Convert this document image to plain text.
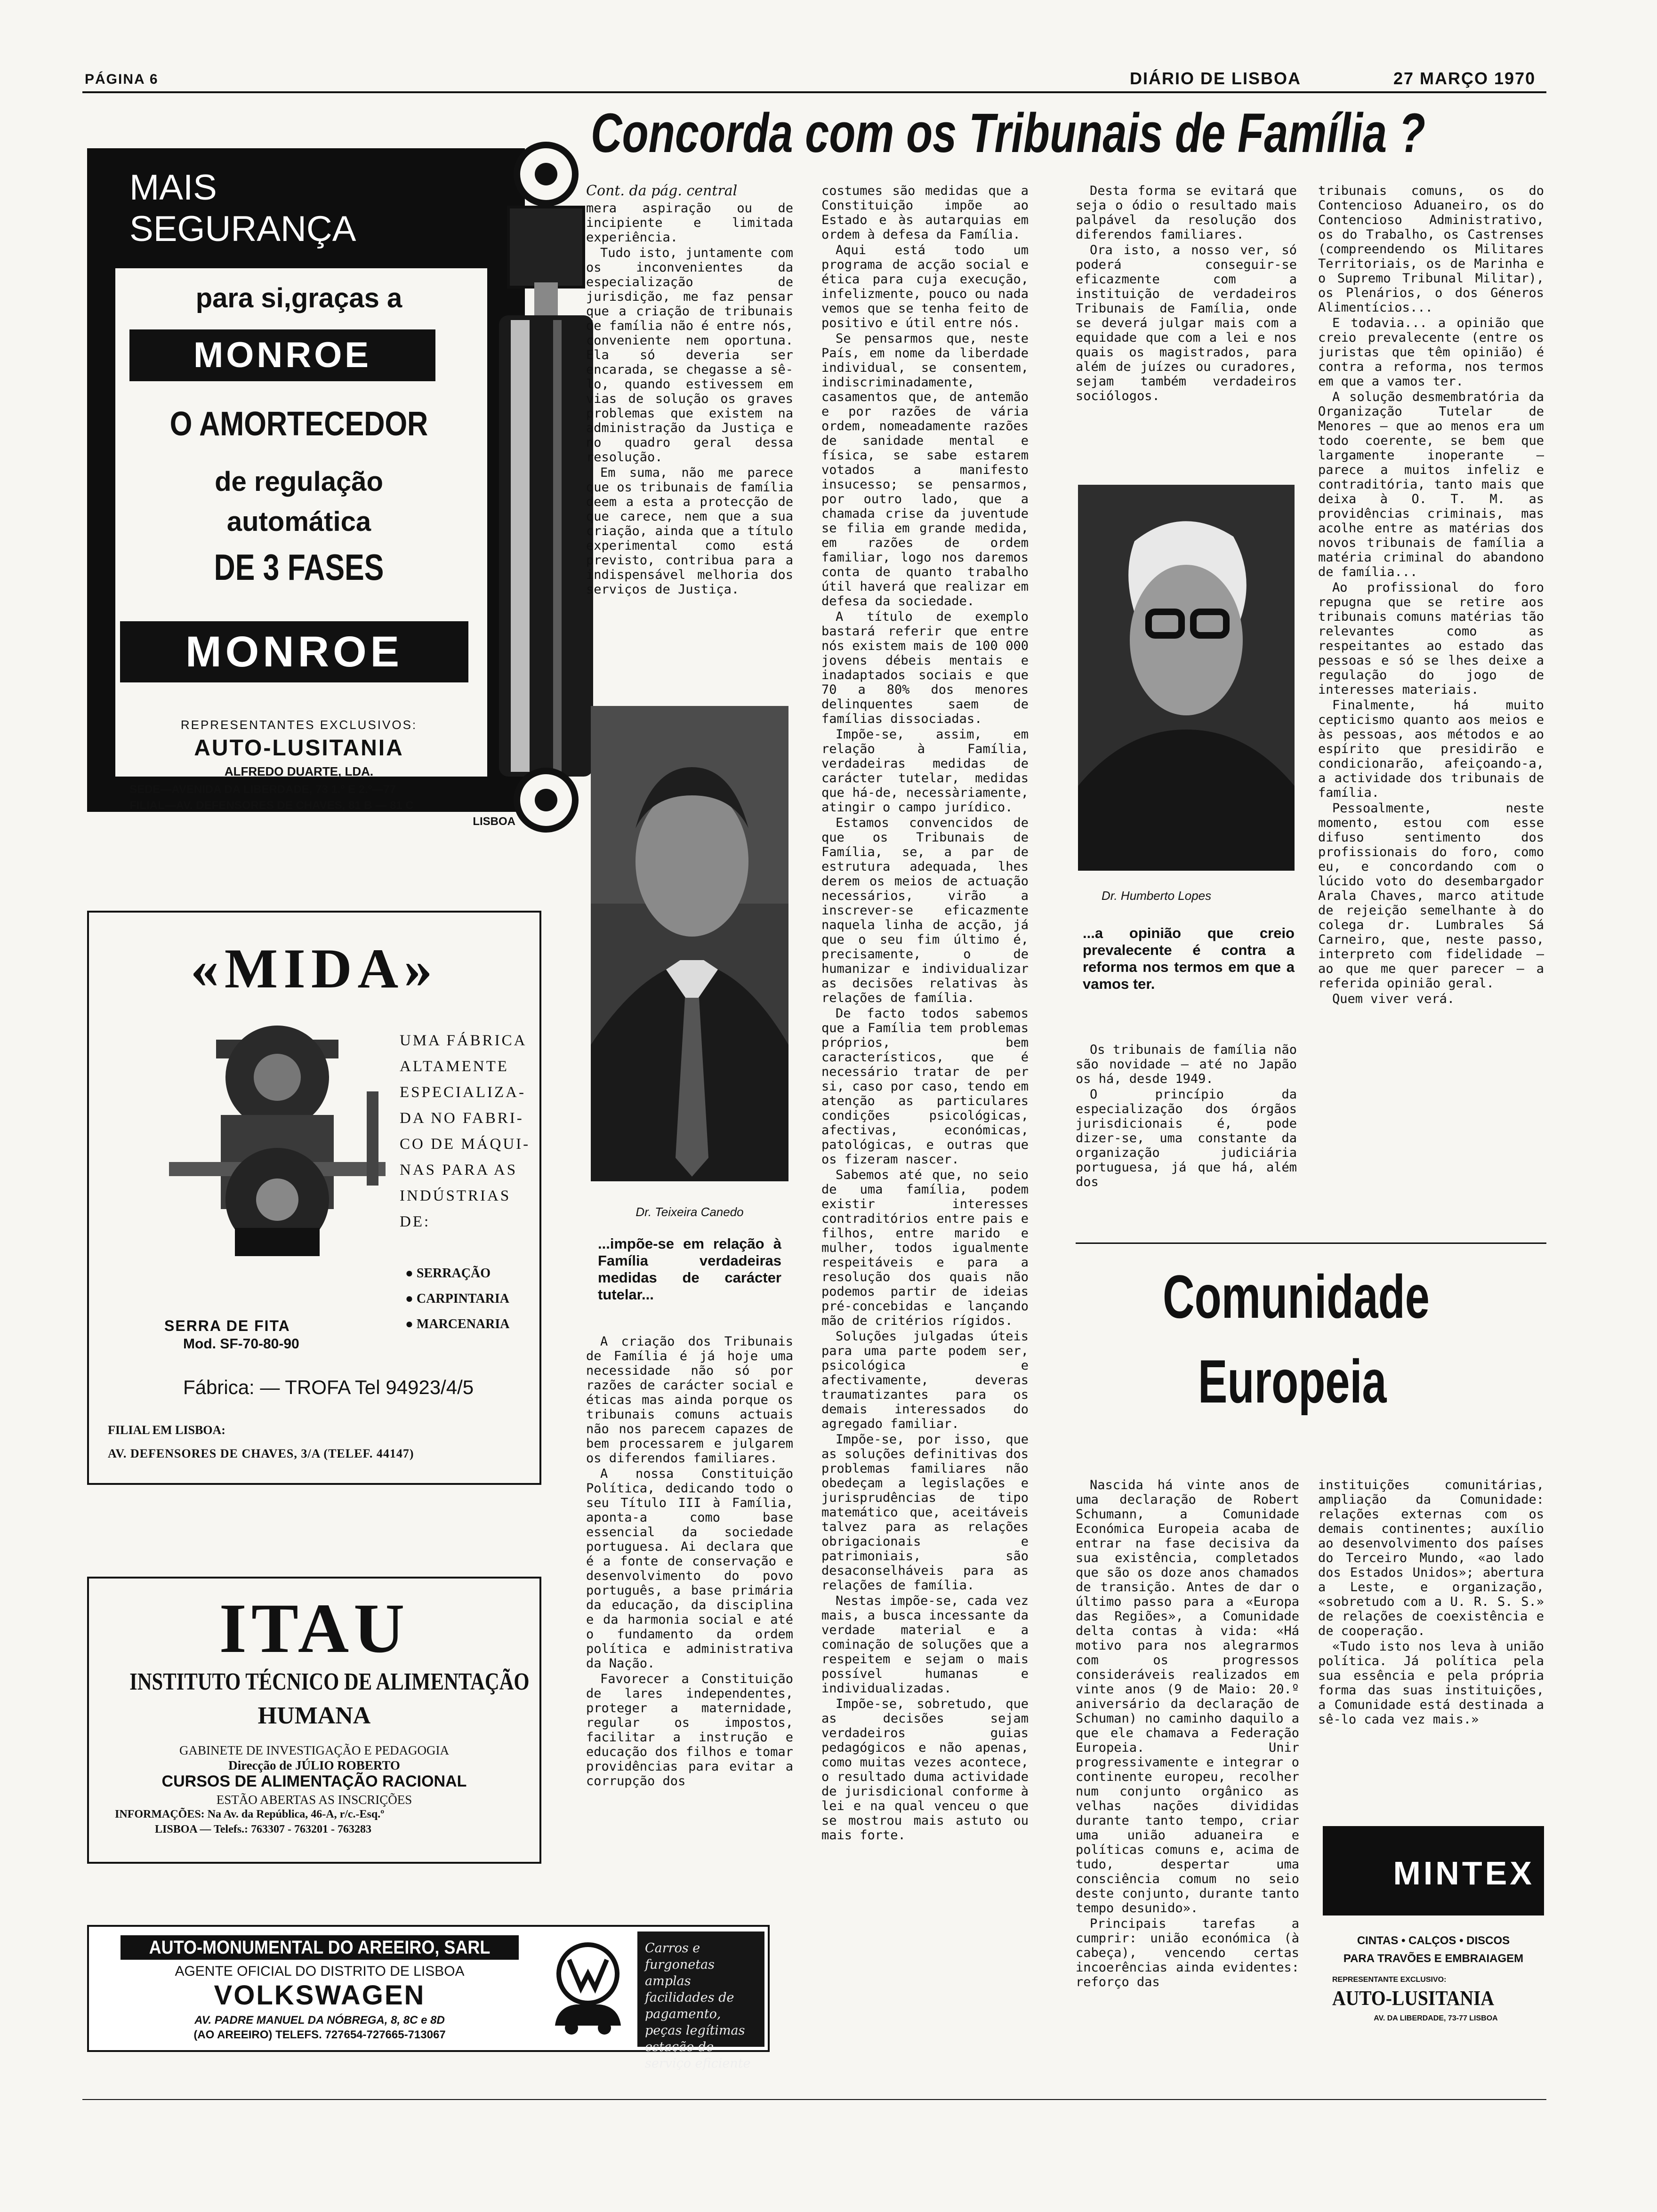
PÁGINA 6	DIÁRIO DE LISBOA	27 MARÇO 1970
MAIS
SEGURANÇA
para si,graças a
MONROE
O AMORTECEDOR
de regulação
automática
DE 3 FASES
MONROE
REPRESENTANTES EXCLUSIVOS:
AUTO-LUSITANIA
ALFREDO DUARTE, LDA.
SEDE—AVENIDA DA LIBERDADE, 73 1.º E 2.º—77
FILIAL—AV. DEFENSORES DE CHAVES, 81 B — 81 C
LISBOA
«MIDA»
UMA FÁBRICA
ALTAMENTE
ESPECIALIZA-
DA NO FABRI-
CO DE MÁQUI-
NAS PARA AS
INDÚSTRIAS
DE:
● SERRAÇÃO
● CARPINTARIA
● MARCENARIA
SERRA DE FITA
Mod. SF-70-80-90
Fábrica: — TROFA Tel 94923/4/5
FILIAL EM LISBOA:
AV. DEFENSORES DE CHAVES, 3/A (TELEF. 44147)
ITAU
INSTITUTO TÉCNICO DE ALIMENTAÇÃO
HUMANA
GABINETE DE INVESTIGAÇÃO E PEDAGOGIA
Direcção de JÚLIO ROBERTO
CURSOS DE ALIMENTAÇÃO RACIONAL
ESTÃO ABERTAS AS INSCRIÇÕES
INFORMAÇÕES: Na Av. da República, 46-A, r/c.-Esq.º
LISBOA — Telefs.: 763307 - 763201 - 763283
AUTO-MONUMENTAL DO AREEIRO, SARL
AGENTE OFICIAL DO DISTRITO DE LISBOA
VOLKSWAGEN
AV. PADRE MANUEL DA NÓBREGA, 8, 8C e 8D
(AO AREEIRO) TELEFS. 727654-727665-713067
Carros e furgonetas amplas facilidades de pagamento, peças legítimas estação de serviço eficiente
Concorda com os Tribunais de Família ?
Cont. da pág. central

mera aspiração ou de incipiente e limitada experiência.

Tudo isto, juntamente com os inconvenientes da especialização de jurisdição, me faz pensar que a criação de tribunais de família não é entre nós, conveniente nem oportuna. Ela só deveria ser encarada, se chegasse a sê-lo, quando estivessem em vias de solução os graves problemas que existem na administração da Justiça e no quadro geral dessa resolução.

Em suma, não me parece que os tribunais de família deem a esta a protecção de que carece, nem que a sua criação, ainda que a título experimental como está previsto, contribua para a indispensável melhoria dos serviços de Justiça.

Dr. Teixeira Canedo
...impõe-se em relação à Família verdadeiras medidas de carácter tutelar...

A criação dos Tribunais de Família é já hoje uma necessidade não só por razões de carácter social e éticas mas ainda porque os tribunais comuns actuais não nos parecem capazes de bem processarem e julgarem os diferendos familiares.

A nossa Constituição Política, dedicando todo o seu Título III à Família, aponta-a como base essencial da sociedade portuguesa. Ai declara que é a fonte de conservação e desenvolvimento do povo português, a base primária da educação, da disciplina e da harmonia social e até o fundamento da ordem política e administrativa da Nação.

Favorecer a Constituição de lares independentes, proteger a maternidade, regular os impostos, facilitar a instrução e educação dos filhos e tomar providências para evitar a corrupção dos

costumes são medidas que a Constituição impõe ao Estado e às autarquias em ordem à defesa da Família.

Aqui está todo um programa de acção social e ética para cuja execução, infelizmente, pouco ou nada vemos que se tenha feito de positivo e útil entre nós.

Se pensarmos que, neste País, em nome da liberdade individual, se consentem, indiscriminadamente, casamentos que, de antemão e por razões de vária ordem, nomeadamente razões de sanidade mental e física, se sabe estarem votados a manifesto insucesso; se pensarmos, por outro lado, que a chamada crise da juventude se filia em grande medida, em razões de ordem familiar, logo nos daremos conta de quanto trabalho útil haverá que realizar em defesa da sociedade.

A título de exemplo bastará referir que entre nós existem mais de 100 000 jovens débeis mentais e inadaptados sociais e que 70 a 80% dos menores delinquentes saem de famílias dissociadas.

Impõe-se, assim, em relação à Família, verdadeiras medidas de carácter tutelar, medidas que há-de, necessàriamente, atingir o campo jurídico.

Estamos convencidos de que os Tribunais de Família, se, a par de estrutura adequada, lhes derem os meios de actuação necessários, virão a inscrever-se eficazmente naquela linha de acção, já que o seu fim último é, precisamente, o de humanizar e individualizar as decisões relativas às relações de família.

De facto todos sabemos que a Família tem problemas próprios, bem característicos, que é necessário tratar de per si, caso por caso, tendo em atenção as particulares condições psicológicas, afectivas, económicas, patológicas, e outras que os fizeram nascer.

Sabemos até que, no seio de uma família, podem existir interesses contraditórios entre pais e filhos, entre marido e mulher, todos igualmente respeitáveis e para a resolução dos quais não podemos partir de ideias pré-concebidas e lançando mão de critérios rígidos.

Soluções julgadas úteis para uma parte podem ser, psicológica e afectivamente, deveras traumatizantes para os demais interessados do agregado familiar.

Impõe-se, por isso, que as soluções definitivas dos problemas familiares não obedeçam a legislações e jurisprudências de tipo matemático que, aceitáveis talvez para as relações obrigacionais e patrimoniais, são desaconselháveis para as relações de família.

Nestas impõe-se, cada vez mais, a busca incessante da verdade material e a cominação de soluções que a respeitem e sejam o mais possível humanas e individualizadas.

Impõe-se, sobretudo, que as decisões sejam verdadeiros guias pedagógicos e não apenas, como muitas vezes acontece, o resultado duma actividade de jurisdicional conforme à lei e na qual venceu o que se mostrou mais astuto ou mais forte.

Desta forma se evitará que seja o ódio o resultado mais palpável da resolução dos diferendos familiares.

Ora isto, a nosso ver, só poderá conseguir-se eficazmente com a instituição de verdadeiros Tribunais de Família, onde se deverá julgar mais com a equidade que com a lei e nos quais os magistrados, para além de juízes ou curadores, sejam também verdadeiros sociólogos.

Dr. Humberto Lopes
...a opinião que creio prevalecente é contra a reforma nos termos em que a vamos ter.

Os tribunais de família não são novidade — até no Japão os há, desde 1949.

O princípio da especialização dos órgãos jurisdicionais é, pode dizer-se, uma constante da organização judiciária portuguesa, já que há, além dos

tribunais comuns, os do Contencioso Aduaneiro, os do Contencioso Administrativo, os do Trabalho, os Castrenses (compreendendo os Militares Territoriais, os de Marinha e o Supremo Tribunal Militar), os Plenários, o dos Géneros Alimentícios...

E todavia... a opinião que creio prevalecente (entre os juristas que têm opinião) é contra a reforma, nos termos em que a vamos ter.

A solução desmembratória da Organização Tutelar de Menores — que ao menos era um todo coerente, se bem que largamente inoperante — parece a muitos infeliz e contraditória, tanto mais que deixa à O. T. M. as providências criminais, mas acolhe entre as matérias dos novos tribunais de família a matéria criminal do abandono de família...

Ao profissional do foro repugna que se retire aos tribunais comuns matérias tão relevantes como as respeitantes ao estado das pessoas e só se lhes deixe a regulação do jogo de interesses materiais.

Finalmente, há muito cepticismo quanto aos meios e às pessoas, aos métodos e ao espírito que presidirão e condicionarão, afeiçoando-a, a actividade dos tribunais de família.

Pessoalmente, neste momento, estou com esse difuso sentimento dos profissionais do foro, como eu, e concordando com o lúcido voto do desembargador Arala Chaves, marco atitude de rejeição semelhante à do colega dr. Lumbrales Sá Carneiro, que, neste passo, interpreto com fidelidade — ao que me quer parecer — a referida opinião geral.

Quem viver verá.

Comunidade
Europeia

Nascida há vinte anos de uma declaração de Robert Schumann, a Comunidade Económica Europeia acaba de entrar na fase decisiva da sua existência, completados que são os doze anos chamados de transição. Antes de dar o último passo para a «Europa das Regiões», a Comunidade delta contas à vida: «Há motivo para nos alegrarmos com os progressos consideráveis realizados em vinte anos (9 de Maio: 20.º aniversário da declaração de Schuman) no caminho daquilo a que ele chamava a Federação Europeia. Unir progressivamente e integrar o continente europeu, recolher num conjunto orgânico as velhas nações divididas durante tanto tempo, criar uma união aduaneira e políticas comuns e, acima de tudo, despertar uma consciência comum no seio deste conjunto, durante tanto tempo desunido».

Principais tarefas a cumprir: união económica (à cabeça), vencendo certas incoerências ainda evidentes: reforço das

instituições comunitárias, ampliação da Comunidade: relações externas com os demais continentes; auxílio ao desenvolvimento dos países do Terceiro Mundo, «ao lado dos Estados Unidos»; abertura a Leste, e organização, «sobretudo com a U. R. S. S.» de relações de coexistência e de cooperação.

«Tudo isto nos leva à união política. Já política pela sua essência e pela própria forma das suas instituições, a Comunidade está destinada a sê-lo cada vez mais.»

MINTEX
CINTAS • CALÇOS • DISCOS
PARA TRAVÕES E EMBRAIAGEM
REPRESENTANTE EXCLUSIVO:
AUTO-LUSITANIA
AV. DA LIBERDADE, 73-77 LISBOA
